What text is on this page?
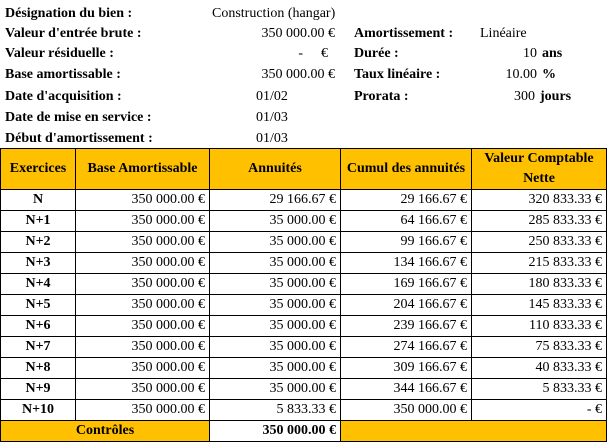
Désignation du bien :	Construction (hangar)
Valeur d'entrée brute :	350 000.00 €
Valeur résiduelle :	- €
Base amortissable :	350 000.00 €
Date d'acquisition :	01/02
Date de mise en service :	01/03
Début d'amortissement :	01/03
Amortissement : Linéaire
Durée :	10 ans
Taux linéaire :	10.00 %
Prorata :	300 jours
Exercices	Base Amortissable	Annuités	Cumul des annuités	Valeur Comptable Nette
N	350 000.00 €	29 166.67 €	29 166.67 €	320 833.33 €
N+1	350 000.00 €	35 000.00 €	64 166.67 €	285 833.33 €
N+2	350 000.00 €	35 000.00 €	99 166.67 €	250 833.33 €
N+3	350 000.00 €	35 000.00 €	134 166.67 €	215 833.33 €
N+4	350 000.00 €	35 000.00 €	169 166.67 €	180 833.33 €
N+5	350 000.00 €	35 000.00 €	204 166.67 €	145 833.33 €
N+6	350 000.00 €	35 000.00 €	239 166.67 €	110 833.33 €
N+7	350 000.00 €	35 000.00 €	274 166.67 €	75 833.33 €
N+8	350 000.00 €	35 000.00 €	309 166.67 €	40 833.33 €
N+9	350 000.00 €	35 000.00 €	344 166.67 €	5 833.33 €
N+10	350 000.00 €	5 833.33 €	350 000.00 €	- €
Contrôles		350 000.00 €		
